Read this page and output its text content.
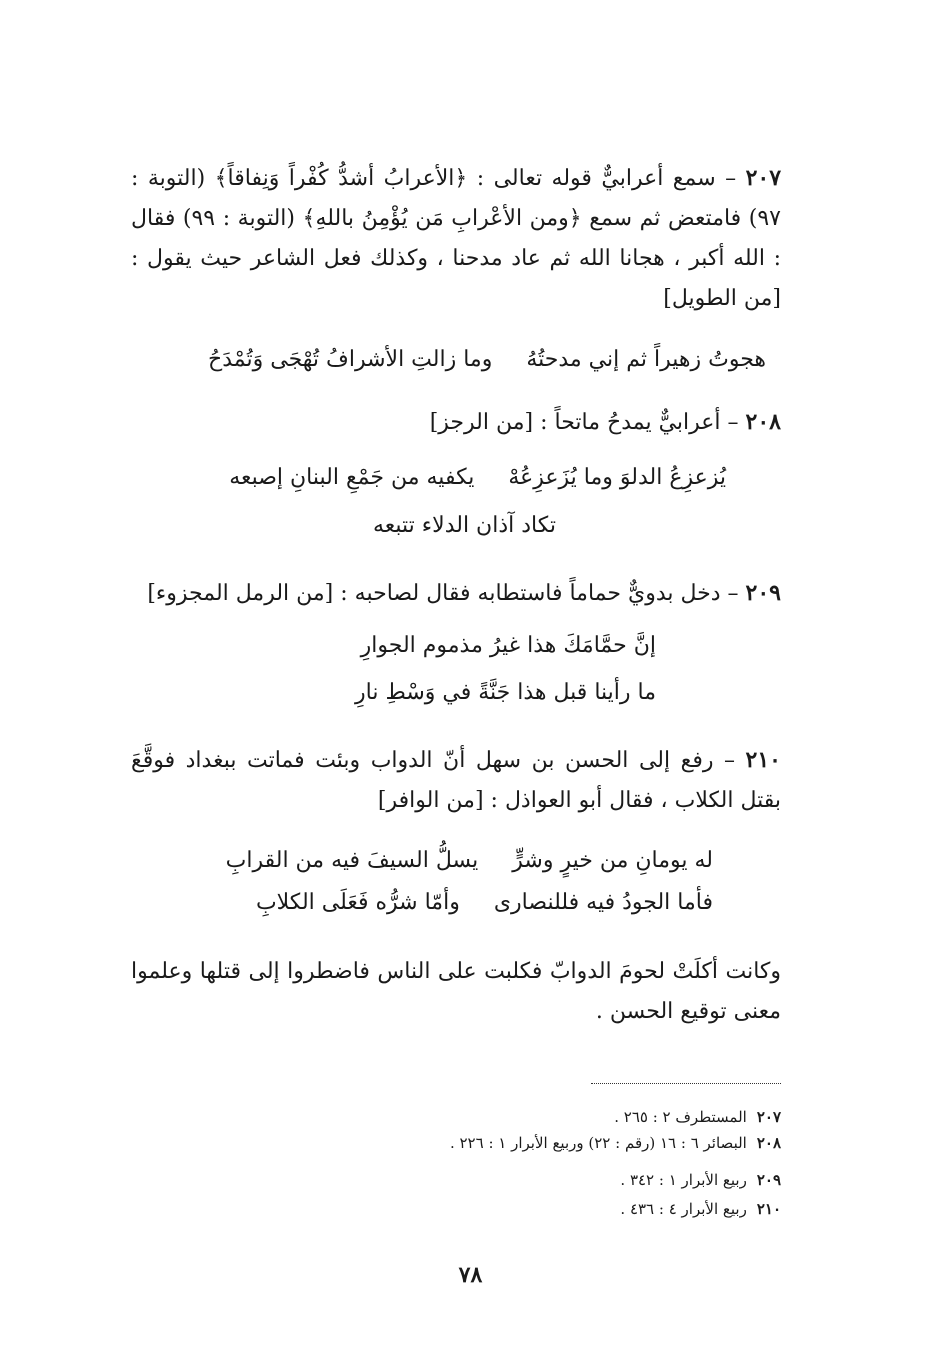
٢٠٧ – سمع أعرابيٌّ قوله تعالى : ﴿الأعرابُ أشدُّ كُفْراً وَنِفاقاً﴾ (التوبة : ٩٧) فامتعض ثم سمع ﴿ومن الأعْرابِ مَن يُؤْمِنُ باللهِ﴾ (التوبة : ٩٩) فقال : الله أكبر ، هجانا الله ثم عاد مدحنا ، وكذلك فعل الشاعر حيث يقول : [من الطويل]
هجوتُ زهيراً ثم إني مدحتُهُ
وما زالتِ الأشرافُ تُهْجَى وَتُمْدَحُ
٢٠٨ – أعرابيٌّ يمدحُ ماتحاً : [من الرجز]
يُزعزِعُ الدلوَ وما يُزَعزِعُهْ
يكفيه من جَمْعِ البنانِ إصبعه
تكاد آذان الدلاء تتبعه
٢٠٩ – دخل بدويٌّ حماماً فاستطابه فقال لصاحبه : [من الرمل المجزوء]
إنَّ حمَّامَكَ هذا غيرُ مذموم الجوارِ
ما رأينا قبل هذا جَنَّةً في وَسْطِ نارِ
٢١٠ – رفع إلى الحسن بن سهل أنّ الدواب وبئت فماتت ببغداد فوقَّعَ بقتل الكلاب ، فقال أبو العواذل : [من الوافر]
له يومانِ من خيرٍ وشرٍّ
يسلُّ السيفَ فيه من القرابِ
فأما الجودُ فيه فللنصارى
وأمّا شرُّه فَعَلَى الكلابِ
وكانت أكلَتْ لحومَ الدوابّ فكلبت على الناس فاضطروا إلى قتلها وعلموا معنى توقيع الحسن .
٢٠٧المستطرف ٢ : ٢٦٥ .
٢٠٨البصائر ٦ : ١٦ (رقم : ٢٢) وربيع الأبرار ١ : ٢٢٦ .
٢٠٩ربيع الأبرار ١ : ٣٤٢ .
٢١٠ربيع الأبرار ٤ : ٤٣٦ .
٧٨
